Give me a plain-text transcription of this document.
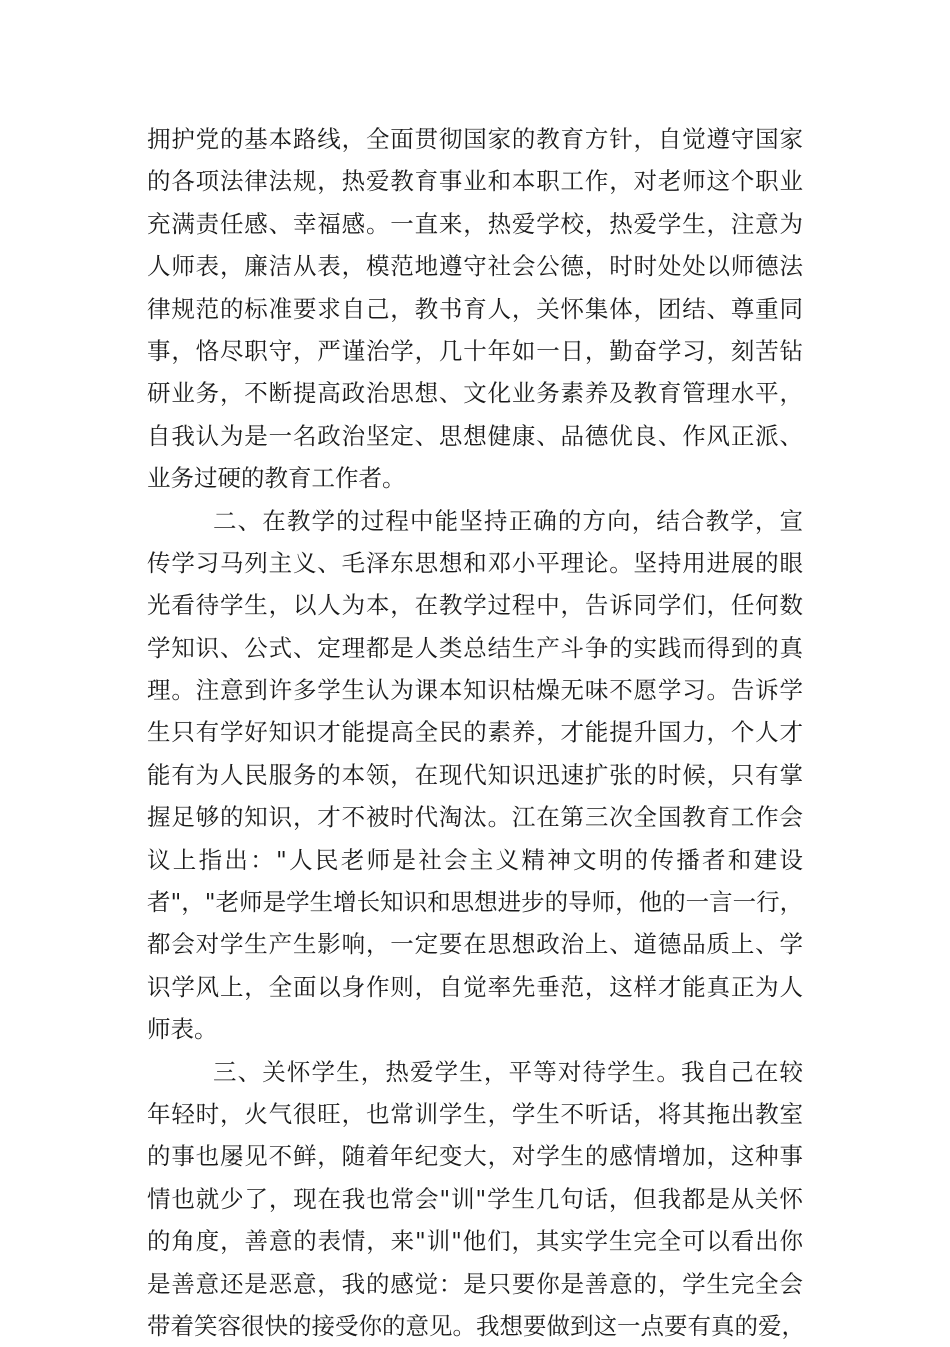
拥护党的基本路线，全面贯彻国家的教育方针，自觉遵守国家
的各项法律法规，热爱教育事业和本职工作，对老师这个职业
充满责任感、幸福感。一直来，热爱学校，热爱学生，注意为
人师表，廉洁从表，模范地遵守社会公德，时时处处以师德法
律规范的标准要求自己，教书育人，关怀集体，团结、尊重同
事，恪尽职守，严谨治学，几十年如一日，勤奋学习，刻苦钻
研业务，不断提高政治思想、文化业务素养及教育管理水平，
自我认为是一名政治坚定、思想健康、品德优良、作风正派、
业务过硬的教育工作者。
二、在教学的过程中能坚持正确的方向，结合教学，宣
传学习马列主义、毛泽东思想和邓小平理论。坚持用进展的眼
光看待学生，以人为本，在教学过程中，告诉同学们，任何数
学知识、公式、定理都是人类总结生产斗争的实践而得到的真
理。注意到许多学生认为课本知识枯燥无味不愿学习。告诉学
生只有学好知识才能提高全民的素养，才能提升国力，个人才
能有为人民服务的本领，在现代知识迅速扩张的时候，只有掌
握足够的知识，才不被时代淘汰。江在第三次全国教育工作会
议上指出："人民老师是社会主义精神文明的传播者和建设
者"，"老师是学生增长知识和思想进步的导师，他的一言一行，
都会对学生产生影响，一定要在思想政治上、道德品质上、学
识学风上，全面以身作则，自觉率先垂范，这样才能真正为人
师表。
三、关怀学生，热爱学生，平等对待学生。我自己在较
年轻时，火气很旺，也常训学生，学生不听话，将其拖出教室
的事也屡见不鲜，随着年纪变大，对学生的感情增加，这种事
情也就少了，现在我也常会"训"学生几句话，但我都是从关怀
的角度，善意的表情，来"训"他们，其实学生完全可以看出你
是善意还是恶意，我的感觉：是只要你是善意的，学生完全会
带着笑容很快的接受你的意见。我想要做到这一点要有真的爱，
